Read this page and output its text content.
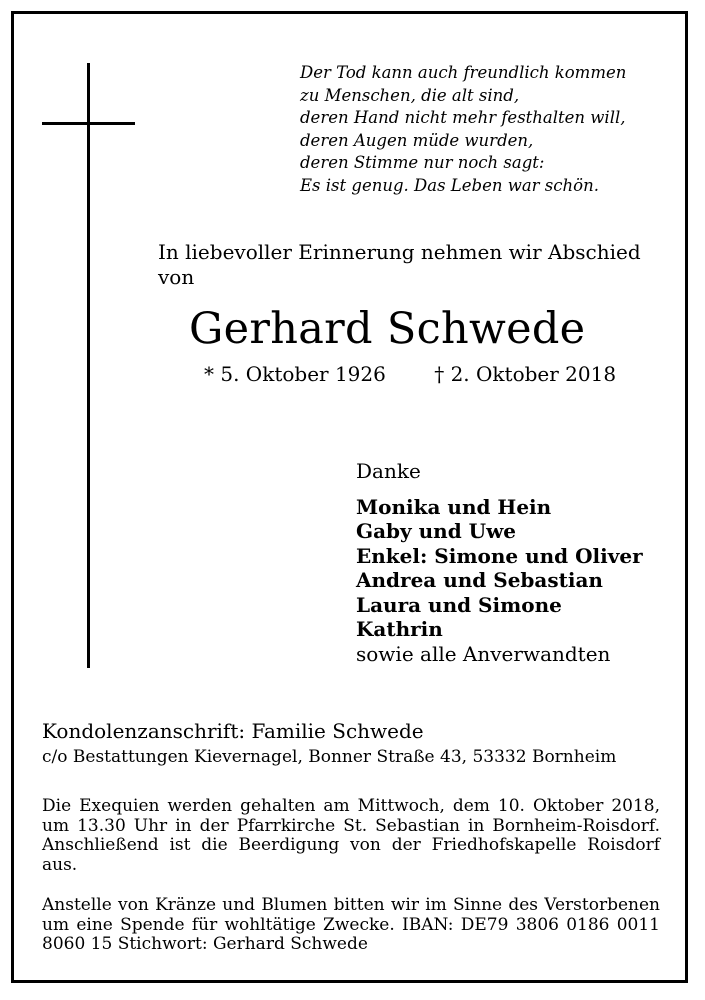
Der Tod kann auch freundlich kommen
zu Menschen, die alt sind,
deren Hand nicht mehr festhalten will,
deren Augen müde wurden,
deren Stimme nur noch sagt:
Es ist genug. Das Leben war schön.
In liebevoller Erinnerung nehmen wir Abschied
von
Gerhard Schwede
* 5. Oktober 1926 † 2. Oktober 2018
Danke
Monika und Hein
Gaby und Uwe
Enkel: Simone und Oliver
Andrea und Sebastian
Laura und Simone
Kathrin
sowie alle Anverwandten
Kondolenzanschrift: Familie Schwede
c/o Bestattungen Kievernagel, Bonner Straße 43, 53332 Bornheim
Die Exequien werden gehalten am Mittwoch, dem 10. Oktober 2018, um 13.30 Uhr in der Pfarrkirche St. Sebastian in Bornheim-Roisdorf. Anschließend ist die Beerdigung von der Friedhofskapelle Roisdorf aus.
Anstelle von Kränze und Blumen bitten wir im Sinne des Verstorbenen um eine Spende für wohltätige Zwecke. IBAN: DE79 3806 0186 0011 8060 15 Stichwort: Gerhard Schwede
